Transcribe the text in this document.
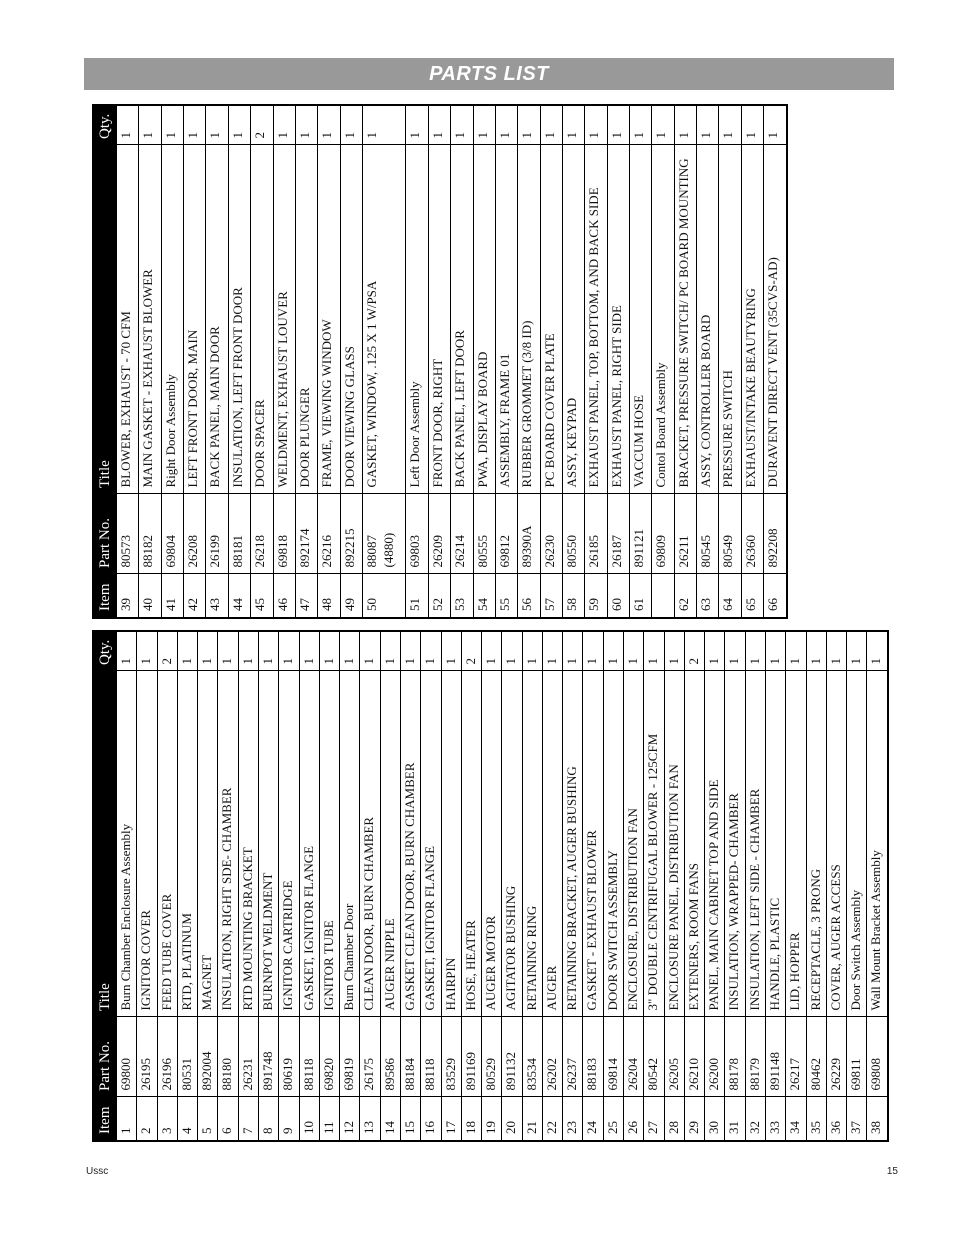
PARTS LIST
Item	Part No.	Title	Qty.
1	69800	Burn Chamber Enclosure Assembly	1
2	26195	IGNITOR COVER	1
3	26196	FEED TUBE COVER	2
4	80531	RTD, PLATINUM	1
5	892004	MAGNET	1
6	88180	INSULATION, RIGHT SDE- CHAMBER	1
7	26231	RTD MOUNTING BRACKET	1
8	891748	BURNPOT WELDMENT	1
9	80619	IGNITOR CARTRIDGE	1
10	88118	GASKET, IGNITOR FLANGE	1
11	69820	IGNITOR TUBE	1
12	69819	Burn Chamber Door	1
13	26175	CLEAN DOOR, BURN CHAMBER	1
14	89586	AUGER NIPPLE	1
15	88184	GASKET CLEAN DOOR, BURN CHAMBER	1
16	88118	GASKET, IGNITOR FLANGE	1
17	83529	HAIRPIN	1
18	891169	HOSE, HEATER	2
19	80529	AUGER MOTOR	1
20	891132	AGITATOR BUSHING	1
21	83534	RETAINING RING	1
22	26202	AUGER	1
23	26237	RETAINING BRACKET, AUGER BUSHING	1
24	88183	GASKET - EXHAUST BLOWER	1
25	69814	DOOR SWITCH ASSEMBLY	1
26	26204	ENCLOSURE, DISTRIBUTION FAN	1
27	80542	3" DOUBLE CENTRIFUGAL BLOWER - 125CFM	1
28	26205	ENCLOSURE PANEL, DISTRIBUTION FAN	1
29	26210	EXTENERS, ROOM FANS	2
30	26200	PANEL, MAIN CABINET TOP AND SIDE	1
31	88178	INSULATION, WRAPPED- CHAMBER	1
32	88179	INSULATION, LEFT SIDE - CHAMBER	1
33	891148	HANDLE, PLASTIC	1
34	26217	LID, HOPPER	1
35	80462	RECEPTACLE, 3 PRONG	1
36	26229	COVER, AUGER ACCESS	1
37	69811	Door Switch Assembly	1
38	69808	Wall Mount Bracket Assembly	1
Item	Part No.	Title	Qty.
39	80573	BLOWER, EXHAUST - 70 CFM	1
40	88182	MAIN GASKET - EXHAUST BLOWER	1
41	69804	Right Door Assembly	1
42	26208	LEFT FRONT DOOR, MAIN	1
43	26199	BACK PANEL, MAIN DOOR	1
44	88181	INSULATION, LEFT FRONT DOOR	1
45	26218	DOOR SPACER	2
46	69818	WELDMENT, EXHAUST LOUVER	1
47	892174	DOOR PLUNGER	1
48	26216	FRAME, VIEWING WINDOW	1
49	892215	DOOR VIEWING GLASS	1
50	88087 (4880)	GASKET, WINDOW, .125 X 1 W/PSA	1
51	69803	Left Door Assembly	1
52	26209	FRONT DOOR, RIGHT	1
53	26214	BACK PANEL, LEFT DOOR	1
54	80555	PWA, DISPLAY BOARD	1
55	69812	ASSEMBLY, FRAME 01	1
56	89390A	RUBBER GROMMET (3/8 ID)	1
57	26230	PC BOARD COVER PLATE	1
58	80550	ASSY, KEYPAD	1
59	26185	EXHAUST PANEL, TOP, BOTTOM, AND BACK SIDE	1
60	26187	EXHAUST PANEL, RIGHT SIDE	1
61	891121	VACCUM HOSE	1
	69809	Contol Board Assembly	1
62	26211	BRACKET, PRESSURE SWITCH/ PC BOARD MOUNTING	1
63	80545	ASSY, CONTROLLER BOARD	1
64	80549	PRESSURE SWITCH	1
65	26360	EXHAUST/INTAKE BEAUTYRING	1
66	892208	DURAVENT DIRECT VENT (35CVS-AD)	1
Ussc	15
